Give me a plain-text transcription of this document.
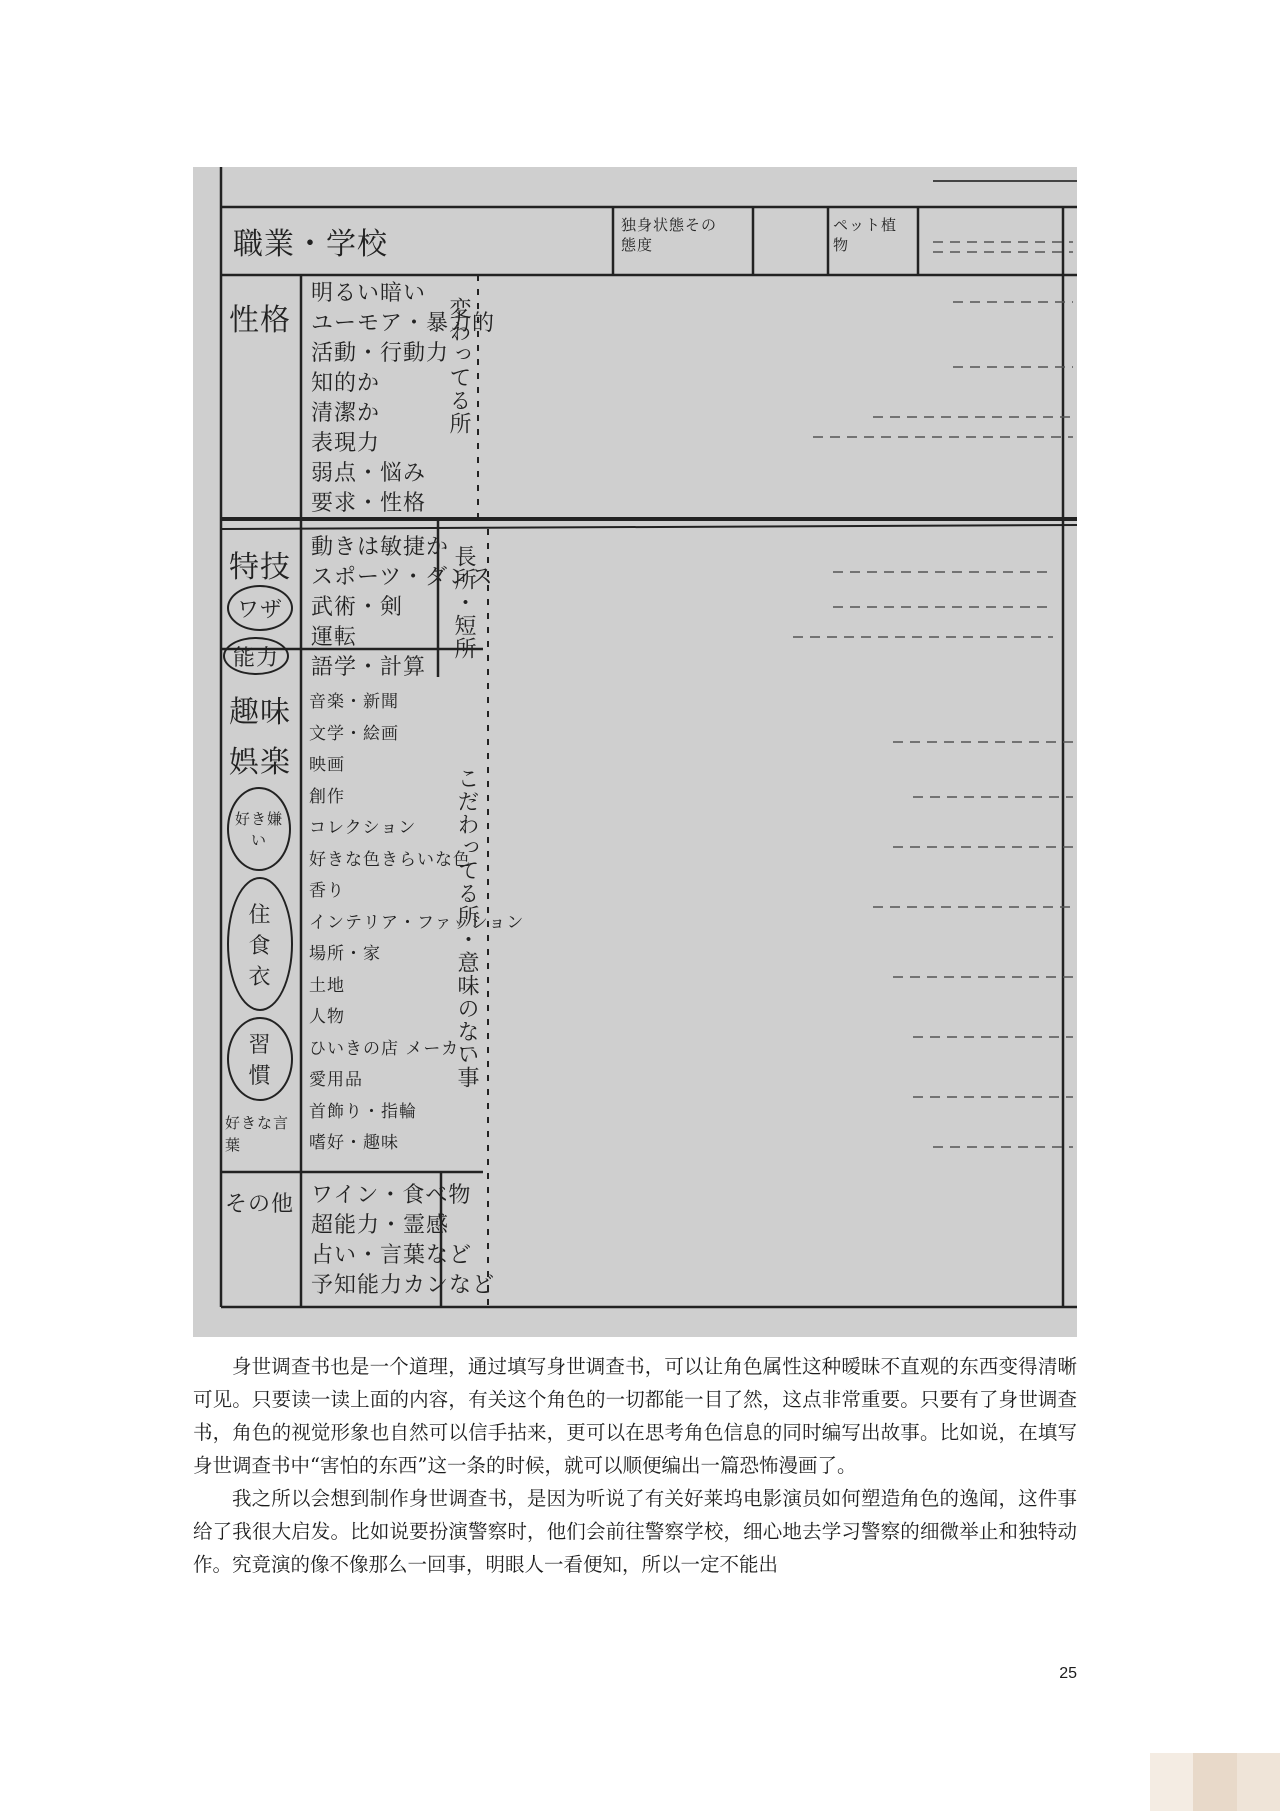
職業・学校
独身状態その態度
ペット植物
性格
明るい暗い
ユーモア・暴力的
活動・行動力
知的か
清潔か
表現力
弱点・悩み
要求・性格
変わってる所
特技
ワザ
能力
動きは敏捷か
スポーツ・ダンス
武術・剣
運転
語学・計算
長所・短所
趣味
娯楽
好き嫌い
住
食
衣
習
慣
好きな言葉
音楽・新聞
文学・絵画
映画
創作
コレクション
好きな色きらいな色
香り
インテリア・ファッション
場所・家
土地
人物
ひいきの店 メーカー
愛用品
首飾り・指輪
嗜好・趣味
こだわってる所・意味のない事
その他 ワイン・食べ物
超能力・霊感
占い・言葉など
予知能力カンなど

身世调查书也是一个道理，通过填写身世调查书，可以让角色属性这种暧昧不直观的东西变得清晰可见。只要读一读上面的内容，有关这个角色的一切都能一目了然，这点非常重要。只要有了身世调查书，角色的视觉形象也自然可以信手拈来，更可以在思考角色信息的同时编写出故事。比如说，在填写身世调查书中“害怕的东西”这一条的时候，就可以顺便编出一篇恐怖漫画了。

我之所以会想到制作身世调查书，是因为听说了有关好莱坞电影演员如何塑造角色的逸闻，这件事给了我很大启发。比如说要扮演警察时，他们会前往警察学校，细心地去学习警察的细微举止和独特动作。究竟演的像不像那么一回事，明眼人一看便知，所以一定不能出

25
